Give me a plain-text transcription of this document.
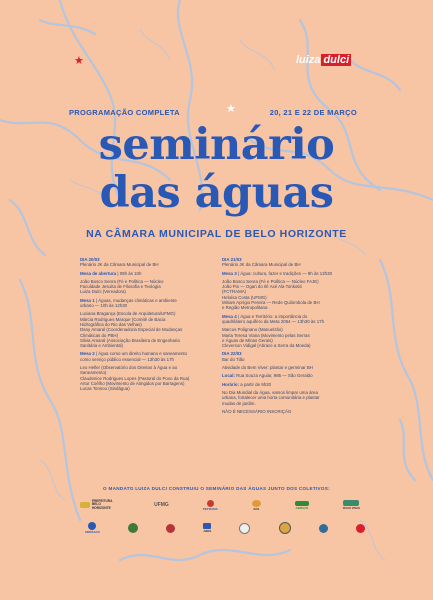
★	luiza dulci
PROGRAMAÇÃO COMPLETA	★	20, 21 E 22 DE MARÇO
seminário
das águas
NA CÂMARA MUNICIPAL DE BELO HORIZONTE
DIA 20/03
Plenário JK da Câmara Municipal de BH
Mesa de abertura | 09h às 10h
João Bosco Senra (Fé e Política — Núcleo
Faculdade Jesuíta de Filosofia e Teologia
Luiza Dulci (Vereadora)
Mesa 1 | Águas, mudanças climáticas e ambiente
urbano — 10h às 12h30
Luciana Bragança (Escola de Arquitetura/UFMG)
Márcia Rodrigues Marque (Comitê de Bacia
Hidrográfica do Rio das Velhas)
Dany Amaral (Coordenadoria Especial de Mudanças
Climáticas do PBH)
Silvia Amaral (Associação Brasileira de Engenharia
Sanitária e Ambiental)
Mesa 2 | Água como um direito humano e saneamento
como serviço público essencial — 13h30 às 17h
Leo Heller (Observatório dos Direitos à Água e ao
Saneamento)
Claudenice Rodrigues Lopes (Pastoral do Povo da Rua)
Artur Coêlho (Movimento de Atingidos por Barragens)
Lucas Tonsoo (Sindágua)
DIA 21/03
Plenário JK da Câmara Municipal de BH
Mesa 3 | Água: cultura, fazer e tradições — 9h às 12h30
João Bosco Senra (Fé e Política — Núcleo FAJE)
João Pio — Ogan do Ilê Axé Ala Tonkotiti
(FCTRAMA)
Heloísa Costa (UFMG)
Miriam Aprígio Pereira — Rede Quilombola de BH
e Região Metropolitana
Mesa 4 | Água e Território: a importância do
quadrilátero aquífero da Meta 2054 — 13h30 às 17h
Marcus Polignano (Manuelzão)
Maria Teresa Viana (Movimento pelas Serras
e Águas de Minas Gerais)
Cleverson Vidigal (Abrace a Serra da Moeda)
DIA 22/03
Bar do Tião
Atividade do Bem Viver: plantar e germinar BH
Local: Rua Souza Aguiar, 985 — São Geraldo
Horário: a partir de 9h30
No Dia Mundial da Água, vamos limpar uma área
urbana, fortalecer uma horta comunitária e plantar
mudas de jardim.
NÃO É NECESSÁRIO INSCRIÇÃO
O MANDATO LUIZA DULCI CONSTRUIU O SEMINÁRIO DAS ÁGUAS JUNTO DOS COLETIVOS:
PREFEITURA BELO HORIZONTE	UFMG
PETRAMA	SOS	ABRACE	RUAS VIVAS
SINDÁGUA	ABES
